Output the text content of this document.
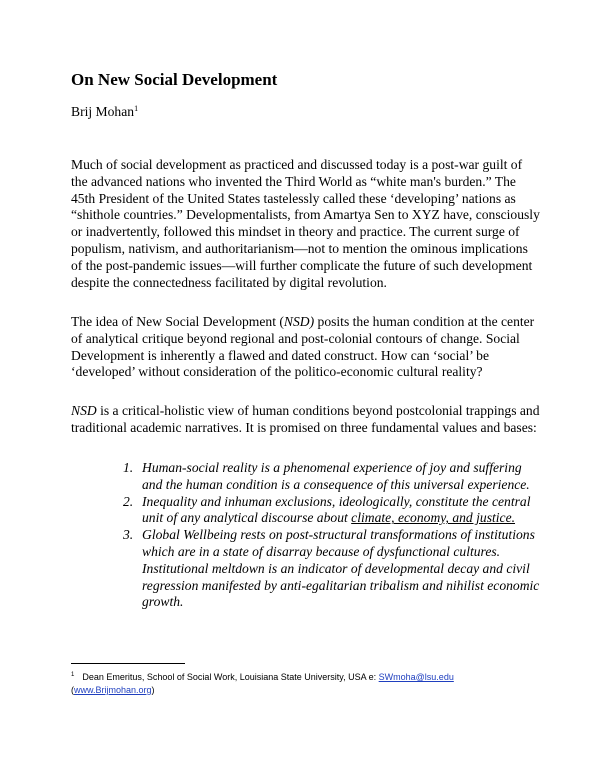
On New Social Development
Brij Mohan$^1$

Much of social development as practiced and discussed today is a post-war guilt of the advanced nations who invented the Third World as “white man's burden.” The 45th President of the United States tastelessly called these ‘developing’ nations as “shithole countries.” Developmentalists, from Amartya Sen to XYZ have, consciously or inadvertently, followed this mindset in theory and practice. The current surge of populism, nativism, and authoritarianism—not to mention the ominous implications of the post-pandemic issues—will further complicate the future of such development despite the connectedness facilitated by digital revolution.

The idea of New Social Development (NSD) posits the human condition at the center of analytical critique beyond regional and post-colonial contours of change. Social Development is inherently a flawed and dated construct. How can ‘social’ be ‘developed’ without consideration of the politico-economic cultural reality?

NSD is a critical-holistic view of human conditions beyond postcolonial trappings and traditional academic narratives. It is promised on three fundamental values and bases:

1. Human-social reality is a phenomenal experience of joy and suffering and the human condition is a consequence of this universal experience.
2. Inequality and inhuman exclusions, ideologically, constitute the central unit of any analytical discourse about climate, economy, and justice.
3. Global Wellbeing rests on post-structural transformations of institutions which are in a state of disarray because of dysfunctional cultures. Institutional meltdown is an indicator of developmental decay and civil regression manifested by anti-egalitarian tribalism and nihilist economic growth.
$^1$ Dean Emeritus, School of Social Work, Louisiana State University, USA e: SWmoha@lsu.edu
(www.Brijmohan.org)
